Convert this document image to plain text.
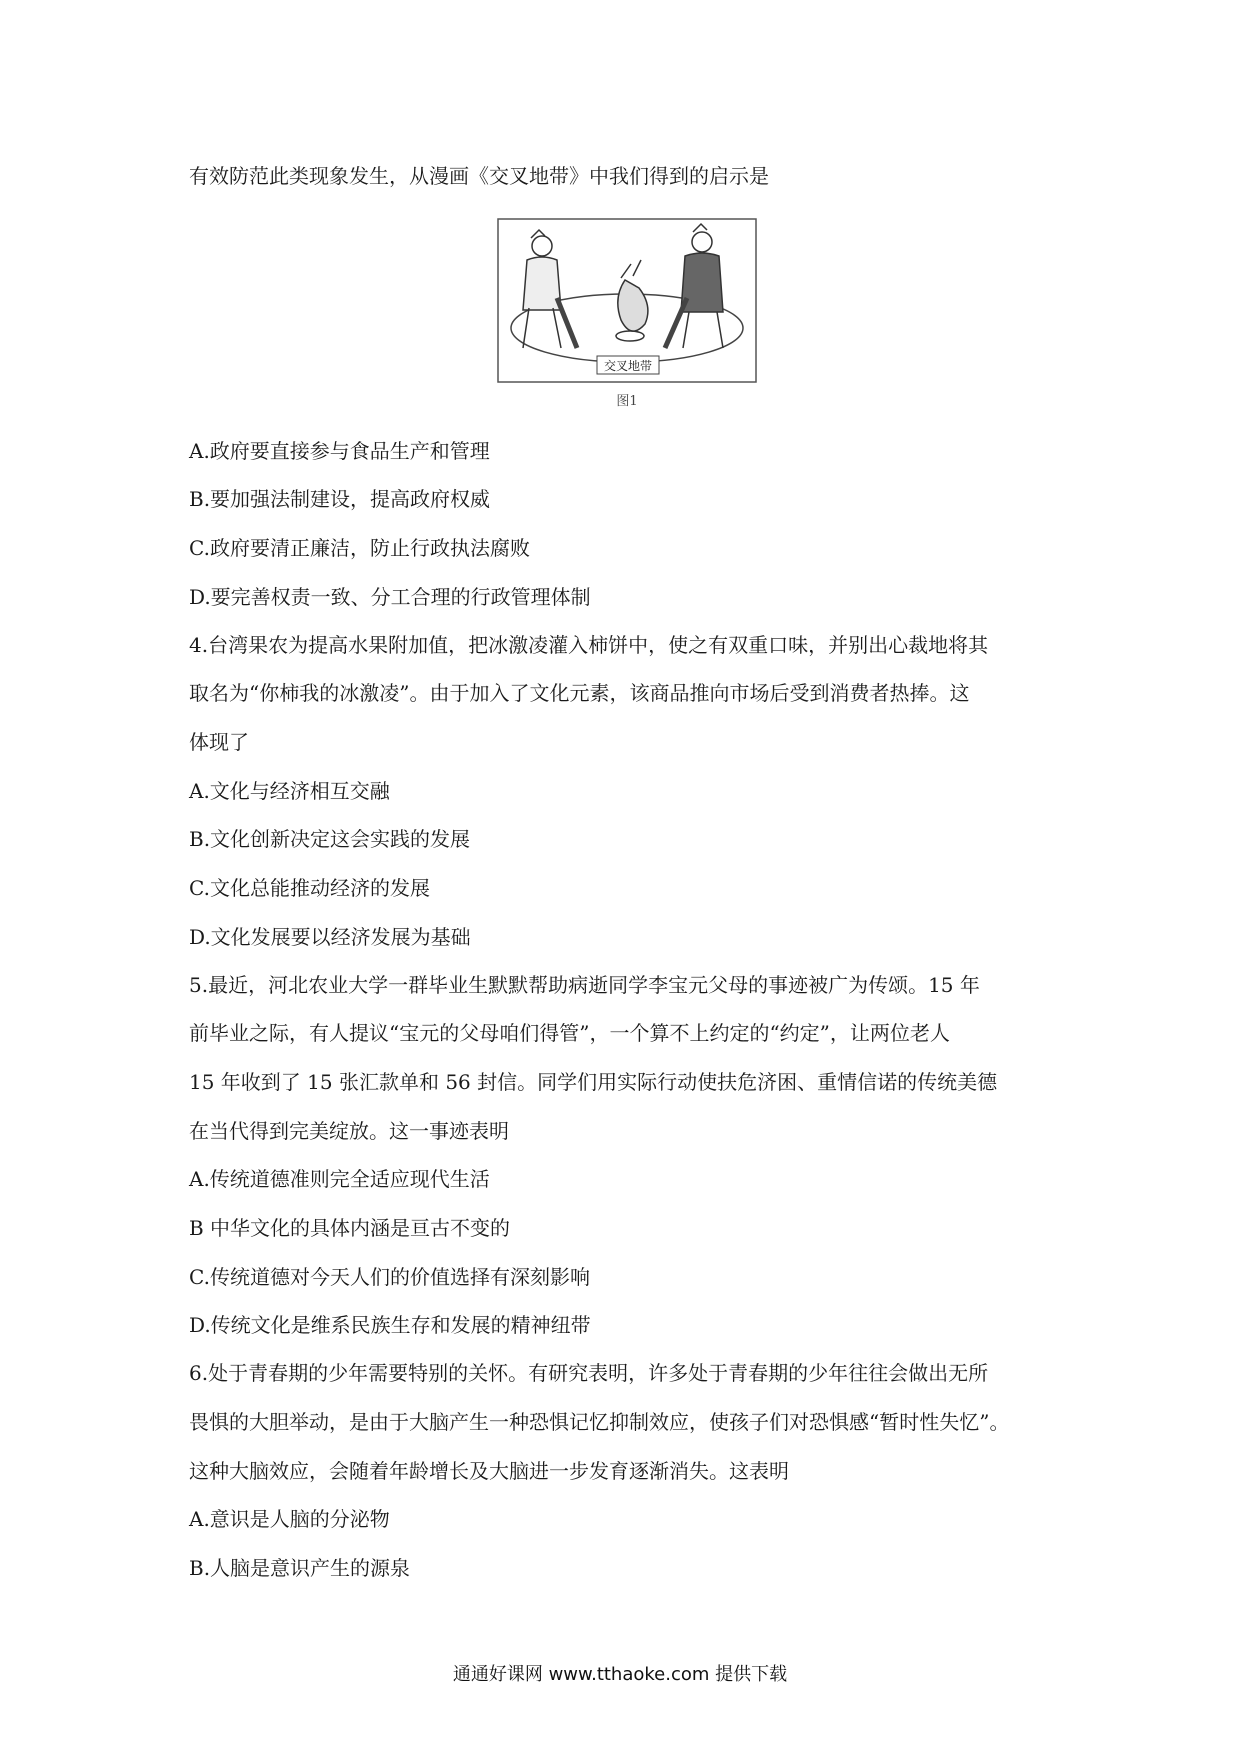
有效防范此类现象发生，从漫画《交叉地带》中我们得到的启示是
交叉地带
图1
A.政府要直接参与食品生产和管理
B.要加强法制建设，提高政府权威
C.政府要清正廉洁，防止行政执法腐败
D.要完善权责一致、分工合理的行政管理体制
4.台湾果农为提高水果附加值，把冰激凌灌入柿饼中，使之有双重口味，并别出心裁地将其
取名为“你柿我的冰激凌”。由于加入了文化元素，该商品推向市场后受到消费者热捧。这
体现了
A.文化与经济相互交融
B.文化创新决定这会实践的发展
C.文化总能推动经济的发展
D.文化发展要以经济发展为基础
5.最近，河北农业大学一群毕业生默默帮助病逝同学李宝元父母的事迹被广为传颂。15 年
前毕业之际，有人提议“宝元的父母咱们得管”，一个算不上约定的“约定”，让两位老人
15 年收到了 15 张汇款单和 56 封信。同学们用实际行动使扶危济困、重情信诺的传统美德
在当代得到完美绽放。这一事迹表明
A.传统道德准则完全适应现代生活
B 中华文化的具体内涵是亘古不变的
C.传统道德对今天人们的价值选择有深刻影响
D.传统文化是维系民族生存和发展的精神纽带
6.处于青春期的少年需要特别的关怀。有研究表明，许多处于青春期的少年往往会做出无所
畏惧的大胆举动，是由于大脑产生一种恐惧记忆抑制效应，使孩子们对恐惧感“暂时性失忆”。
这种大脑效应，会随着年龄增长及大脑进一步发育逐渐消失。这表明
A.意识是人脑的分泌物
B.人脑是意识产生的源泉
通通好课网 www.tthaoke.com 提供下载
